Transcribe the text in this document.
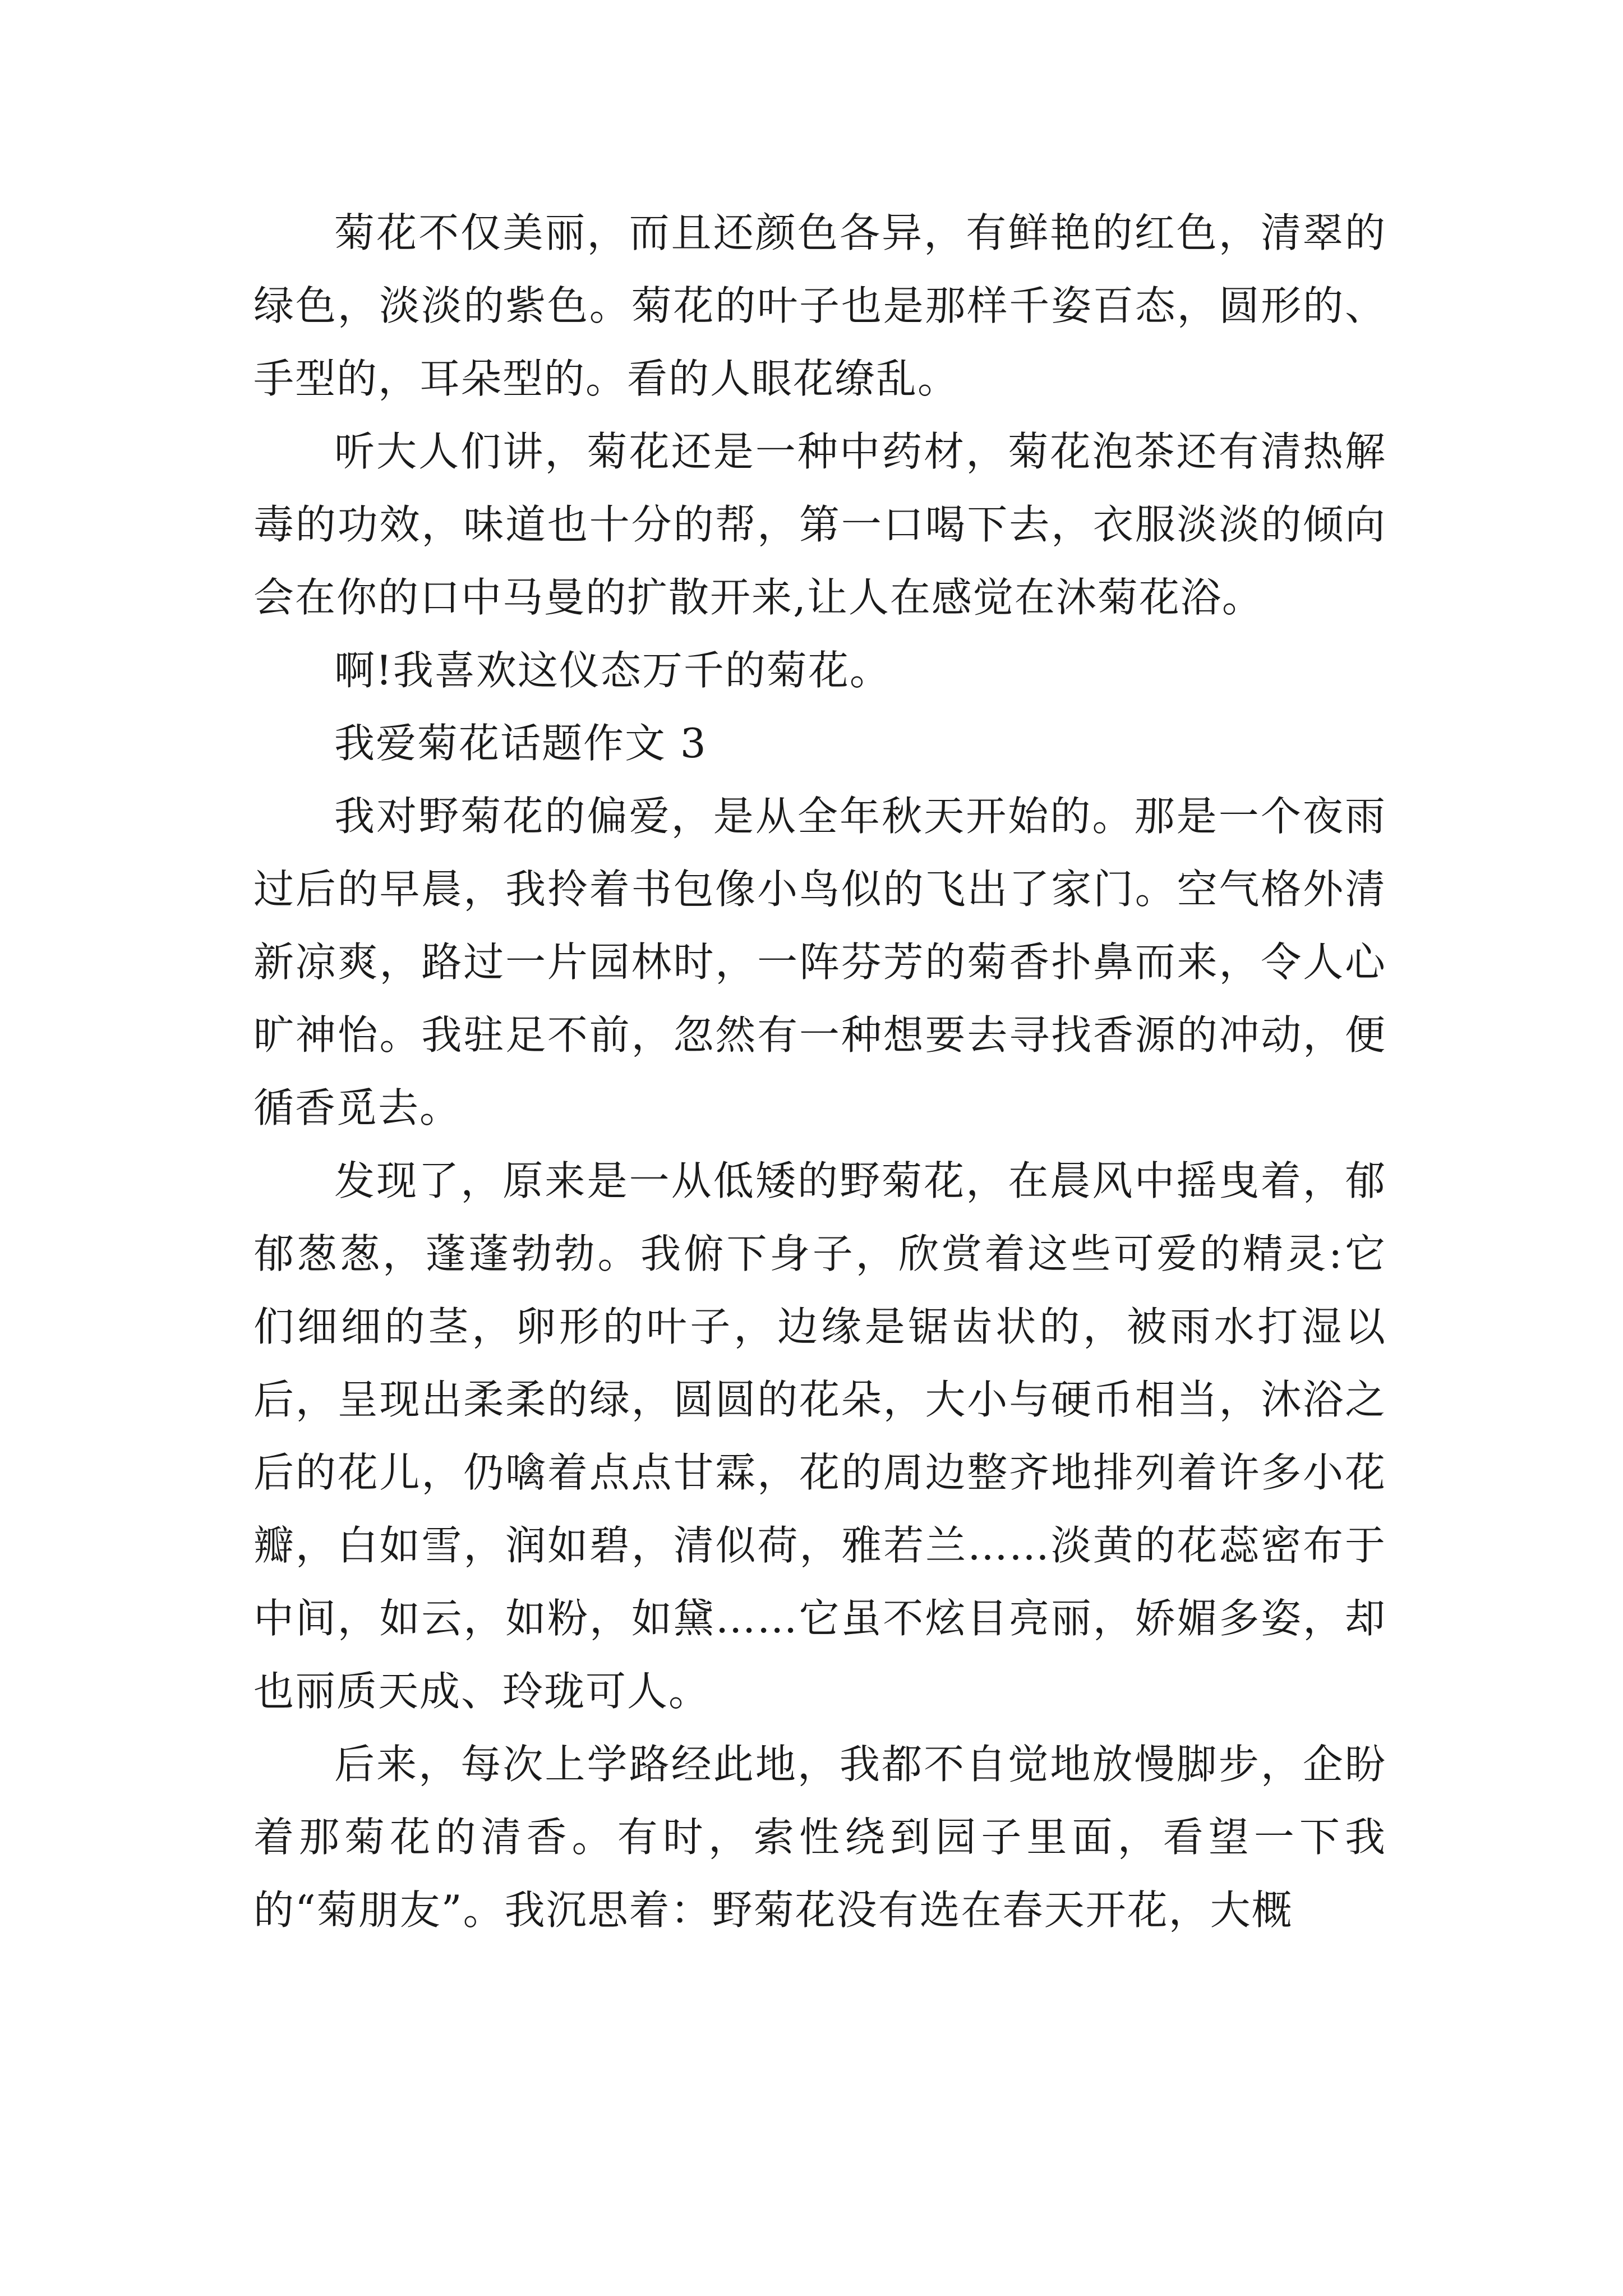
菊花不仅美丽，而且还颜色各异，有鲜艳的红色，清翠的绿色，淡淡的紫色。菊花的叶子也是那样千姿百态，圆形的、手型的，耳朵型的。看的人眼花缭乱。

听大人们讲，菊花还是一种中药材，菊花泡茶还有清热解毒的功效，味道也十分的帮，第一口喝下去，衣服淡淡的倾向会在你的口中马曼的扩散开来,让人在感觉在沐菊花浴。

啊!我喜欢这仪态万千的菊花。

我爱菊花话题作文 3

我对野菊花的偏爱，是从全年秋天开始的。那是一个夜雨过后的早晨，我拎着书包像小鸟似的飞出了家门。空气格外清新凉爽，路过一片园林时，一阵芬芳的菊香扑鼻而来，令人心旷神怡。我驻足不前，忽然有一种想要去寻找香源的冲动，便循香觅去。

发现了，原来是一从低矮的野菊花，在晨风中摇曳着，郁郁葱葱，蓬蓬勃勃。我俯下身子，欣赏着这些可爱的精灵:它们细细的茎，卵形的叶子，边缘是锯齿状的，被雨水打湿以后，呈现出柔柔的绿，圆圆的花朵，大小与硬币相当，沐浴之后的花儿，仍噙着点点甘霖，花的周边整齐地排列着许多小花瓣，白如雪，润如碧，清似荷，雅若兰……淡黄的花蕊密布于中间，如云，如粉，如黛……它虽不炫目亮丽，娇媚多姿，却也丽质天成、玲珑可人。

后来，每次上学路经此地，我都不自觉地放慢脚步，企盼着那菊花的清香。有时，索性绕到园子里面，看望一下我的“菊朋友”。我沉思着：野菊花没有选在春天开花，大概
